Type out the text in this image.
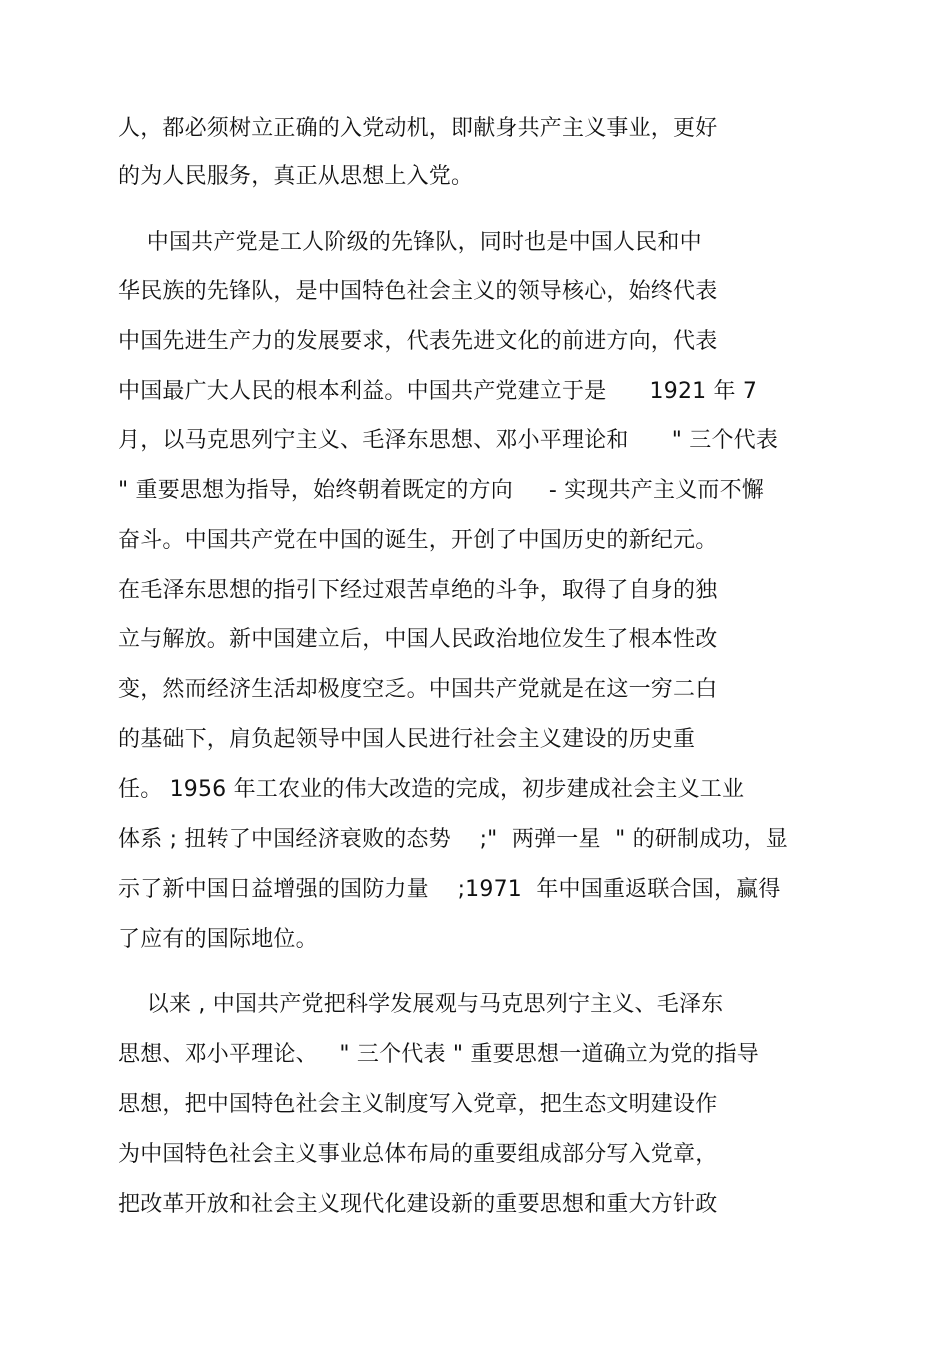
人，都必须树立正确的入党动机，即献身共产主义事业，更好
的为人民服务，真正从思想上入党。
中国共产党是工人阶级的先锋队，同时也是中国人民和中
华民族的先锋队，是中国特色社会主义的领导核心，始终代表
中国先进生产力的发展要求，代表先进文化的前进方向，代表
中国最广大人民的根本利益。中国共产党建立于是      1921 年 7
月，以马克思列宁主义、毛泽东思想、邓小平理论和      " 三个代表
" 重要思想为指导，始终朝着既定的方向     - 实现共产主义而不懈
奋斗。中国共产党在中国的诞生，开创了中国历史的新纪元。
在毛泽东思想的指引下经过艰苦卓绝的斗争，取得了自身的独
立与解放。新中国建立后，中国人民政治地位发生了根本性改
变，然而经济生活却极度空乏。中国共产党就是在这一穷二白
的基础下，肩负起领导中国人民进行社会主义建设的历史重
任。 1956 年工农业的伟大改造的完成，初步建成社会主义工业
体系 ; 扭转了中国经济衰败的态势    ;"  两弹一星  " 的研制成功，显
示了新中国日益增强的国防力量    ;1971  年中国重返联合国，赢得
了应有的国际地位。
以来 , 中国共产党把科学发展观与马克思列宁主义、毛泽东
思想、邓小平理论、   " 三个代表 " 重要思想一道确立为党的指导
思想，把中国特色社会主义制度写入党章，把生态文明建设作
为中国特色社会主义事业总体布局的重要组成部分写入党章，
把改革开放和社会主义现代化建设新的重要思想和重大方针政
